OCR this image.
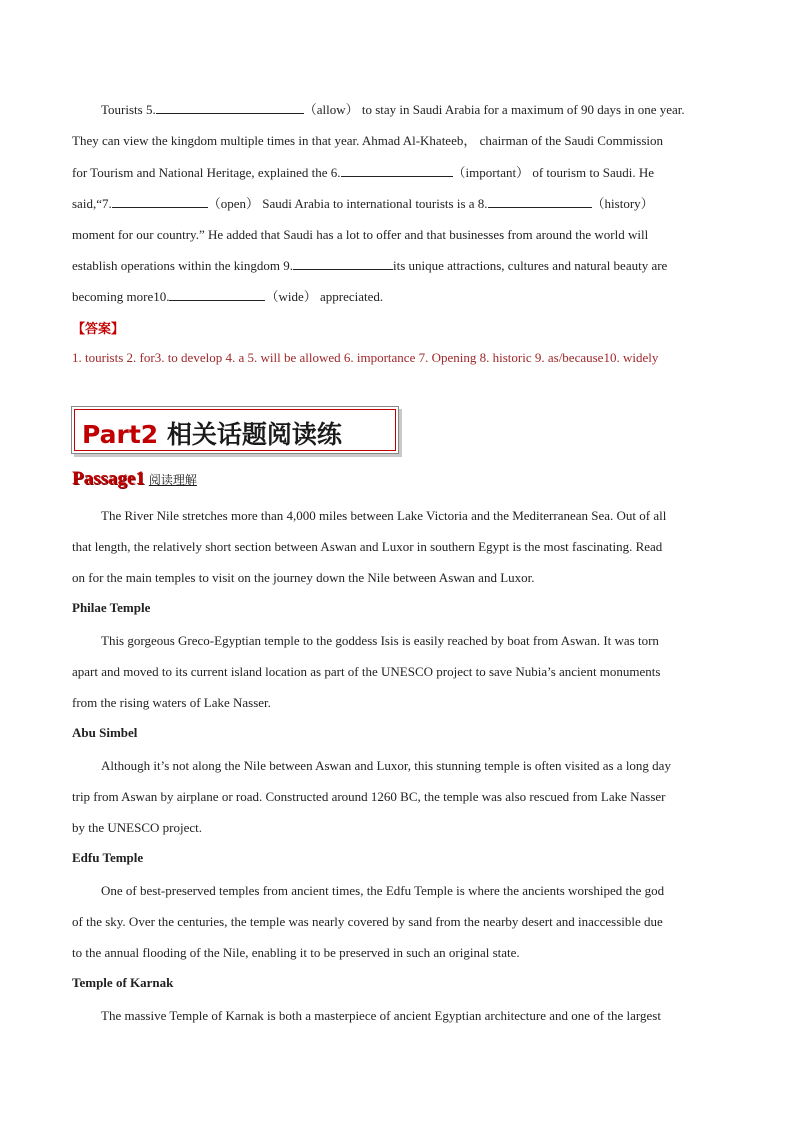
Tourists 5.	（allow） to stay in Saudi Arabia for a maximum of 90 days in one year.
They can view the kingdom multiple times in that year. Ahmad Al-Khateeb， chairman of the Saudi Commission
for Tourism and National Heritage, explained the 6.	（important） of tourism to Saudi. He
said,“7.	（open） Saudi Arabia to international tourists is a 8.	（history）
moment for our country.” He added that Saudi has a lot to offer and that businesses from around the world will
establish operations within the kingdom 9.	its unique attractions, cultures and natural beauty are
becoming more10.	（wide） appreciated.
【答案】
1. tourists 2. for3. to develop 4. a 5. will be allowed 6. importance 7. Opening 8. historic 9. as/because10. widely
Part2 相关话题阅读练
Passage1 阅读理解
The River Nile stretches more than 4,000 miles between Lake Victoria and the Mediterranean Sea. Out of all
that length, the relatively short section between Aswan and Luxor in southern Egypt is the most fascinating. Read
on for the main temples to visit on the journey down the Nile between Aswan and Luxor.
Philae Temple
This gorgeous Greco-Egyptian temple to the goddess Isis is easily reached by boat from Aswan. It was torn
apart and moved to its current island location as part of the UNESCO project to save Nubia’s ancient monuments
from the rising waters of Lake Nasser.
Abu Simbel
Although it’s not along the Nile between Aswan and Luxor, this stunning temple is often visited as a long day
trip from Aswan by airplane or road. Constructed around 1260 BC, the temple was also rescued from Lake Nasser
by the UNESCO project.
Edfu Temple
One of best-preserved temples from ancient times, the Edfu Temple is where the ancients worshiped the god
of the sky. Over the centuries, the temple was nearly covered by sand from the nearby desert and inaccessible due
to the annual flooding of the Nile, enabling it to be preserved in such an original state.
Temple of Karnak
The massive Temple of Karnak is both a masterpiece of ancient Egyptian architecture and one of the largest
